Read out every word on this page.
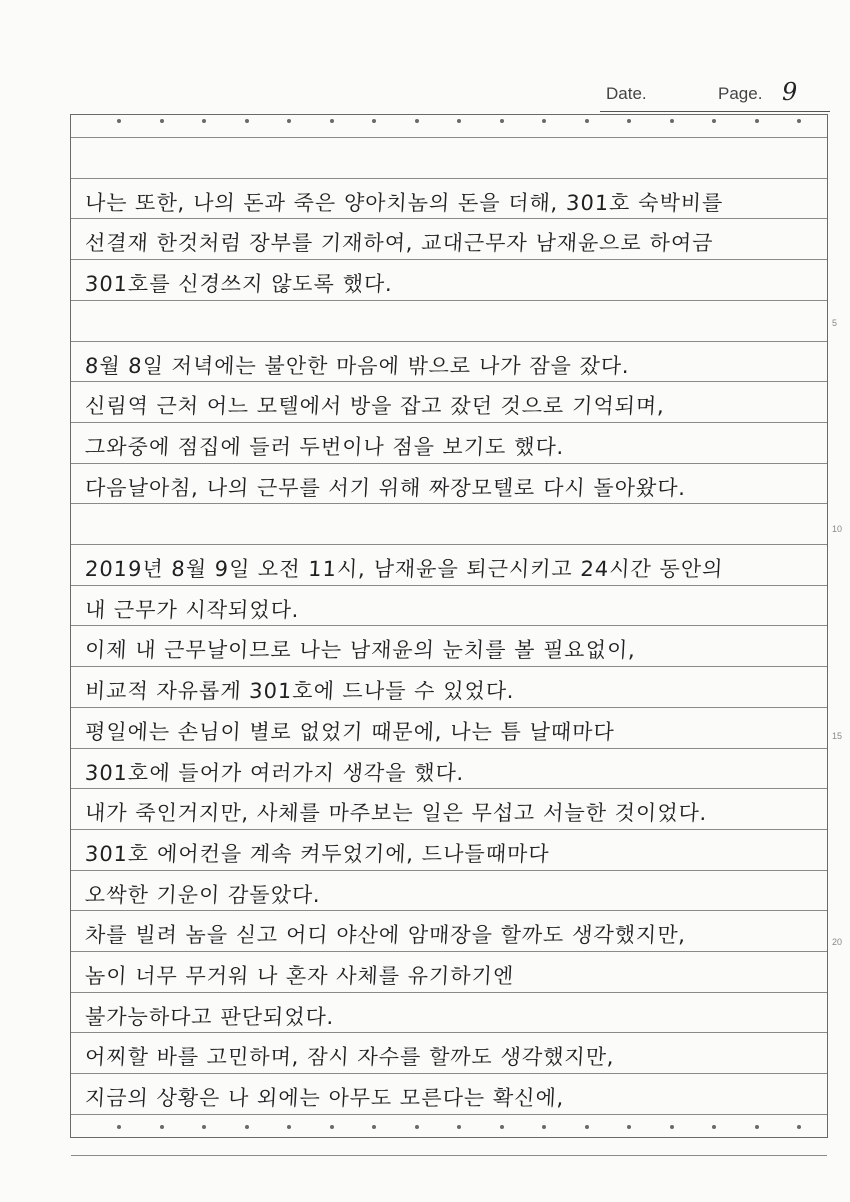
Date.	Page. 9
나는 또한, 나의 돈과 죽은 양아치놈의 돈을 더해, 301호 숙박비를
선결재 한것처럼 장부를 기재하여, 교대근무자 남재윤으로 하여금
301호를 신경쓰지 않도록 했다.
8월 8일 저녁에는 불안한 마음에 밖으로 나가 잠을 잤다.
신림역 근처 어느 모텔에서 방을 잡고 잤던 것으로 기억되며,
그와중에 점집에 들러 두번이나 점을 보기도 했다.
다음날아침, 나의 근무를 서기 위해 짜장모텔로 다시 돌아왔다.
2019년 8월 9일 오전 11시, 남재윤을 퇴근시키고 24시간 동안의
내 근무가 시작되었다.
이제 내 근무날이므로 나는 남재윤의 눈치를 볼 필요없이,
비교적 자유롭게 301호에 드나들 수 있었다.
평일에는 손님이 별로 없었기 때문에, 나는 틈 날때마다
301호에 들어가 여러가지 생각을 했다.
내가 죽인거지만, 사체를 마주보는 일은 무섭고 서늘한 것이었다.
301호 에어컨을 계속 켜두었기에, 드나들때마다
오싹한 기운이 감돌았다.
차를 빌려 놈을 싣고 어디 야산에 암매장을 할까도 생각했지만,
놈이 너무 무거워 나 혼자 사체를 유기하기엔
불가능하다고 판단되었다.
어찌할 바를 고민하며, 잠시 자수를 할까도 생각했지만,
지금의 상황은 나 외에는 아무도 모른다는 확신에,
5
10
15
20
